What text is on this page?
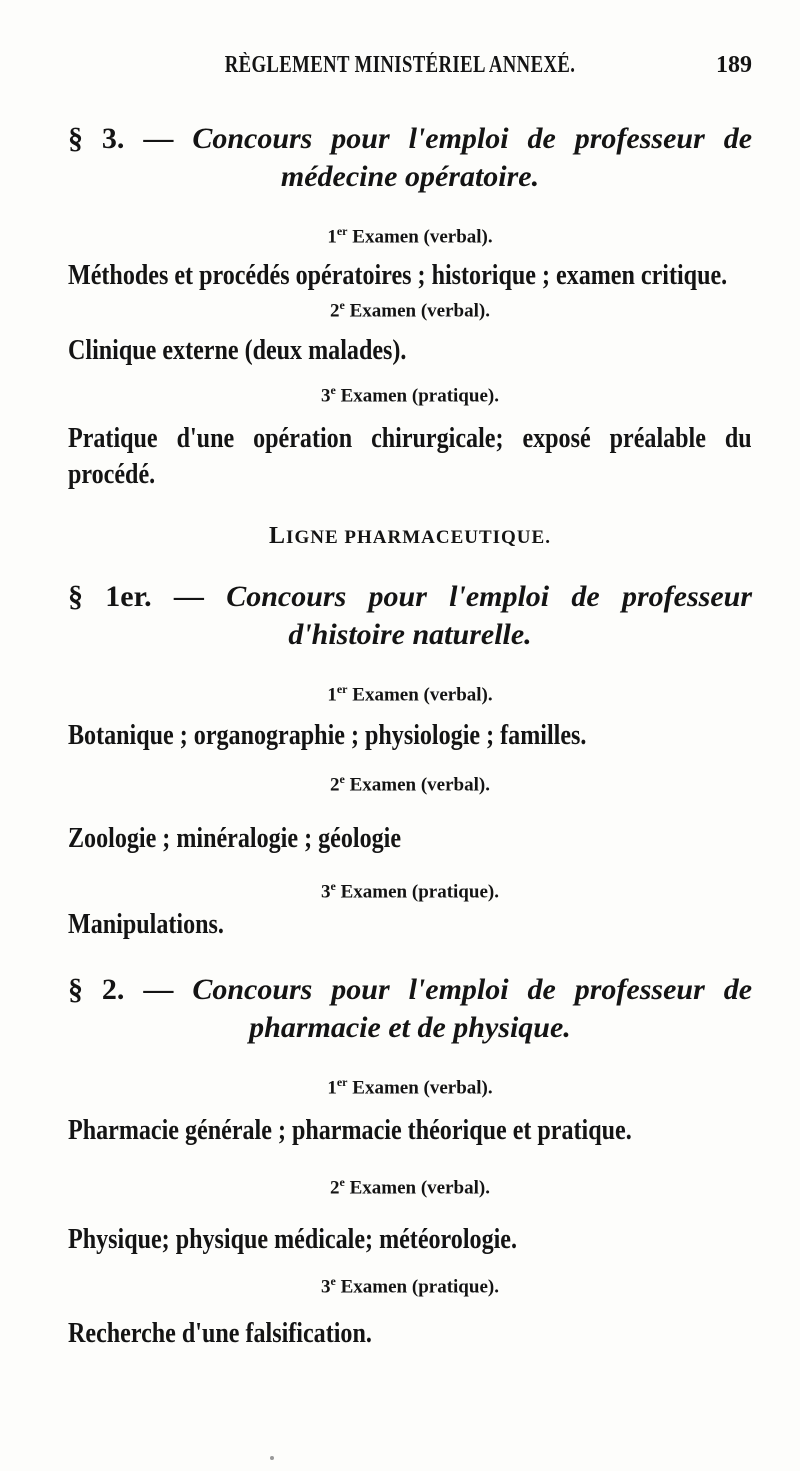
RÈGLEMENT MINISTÉRIEL ANNEXÉ.	189

§ 3. — Concours pour l'emploi de professeur de médecine opératoire.

1er Examen (verbal).

Méthodes et procédés opératoires ; historique ; examen critique.

2e Examen (verbal).

Clinique externe (deux malades).

3e Examen (pratique).

Pratique d'une opération chirurgicale; exposé préalable du procédé.

LIGNE PHARMACEUTIQUE.

§ 1er. — Concours pour l'emploi de professeur d'histoire naturelle.

1er Examen (verbal).

Botanique ; organographie ; physiologie ; familles.

2e Examen (verbal).

Zoologie ; minéralogie ; géologie

3e Examen (pratique).

Manipulations.

§ 2. — Concours pour l'emploi de professeur de pharmacie et de physique.

1er Examen (verbal).

Pharmacie générale ; pharmacie théorique et pratique.

2e Examen (verbal).

Physique; physique médicale; météorologie.

3e Examen (pratique).

Recherche d'une falsification.
